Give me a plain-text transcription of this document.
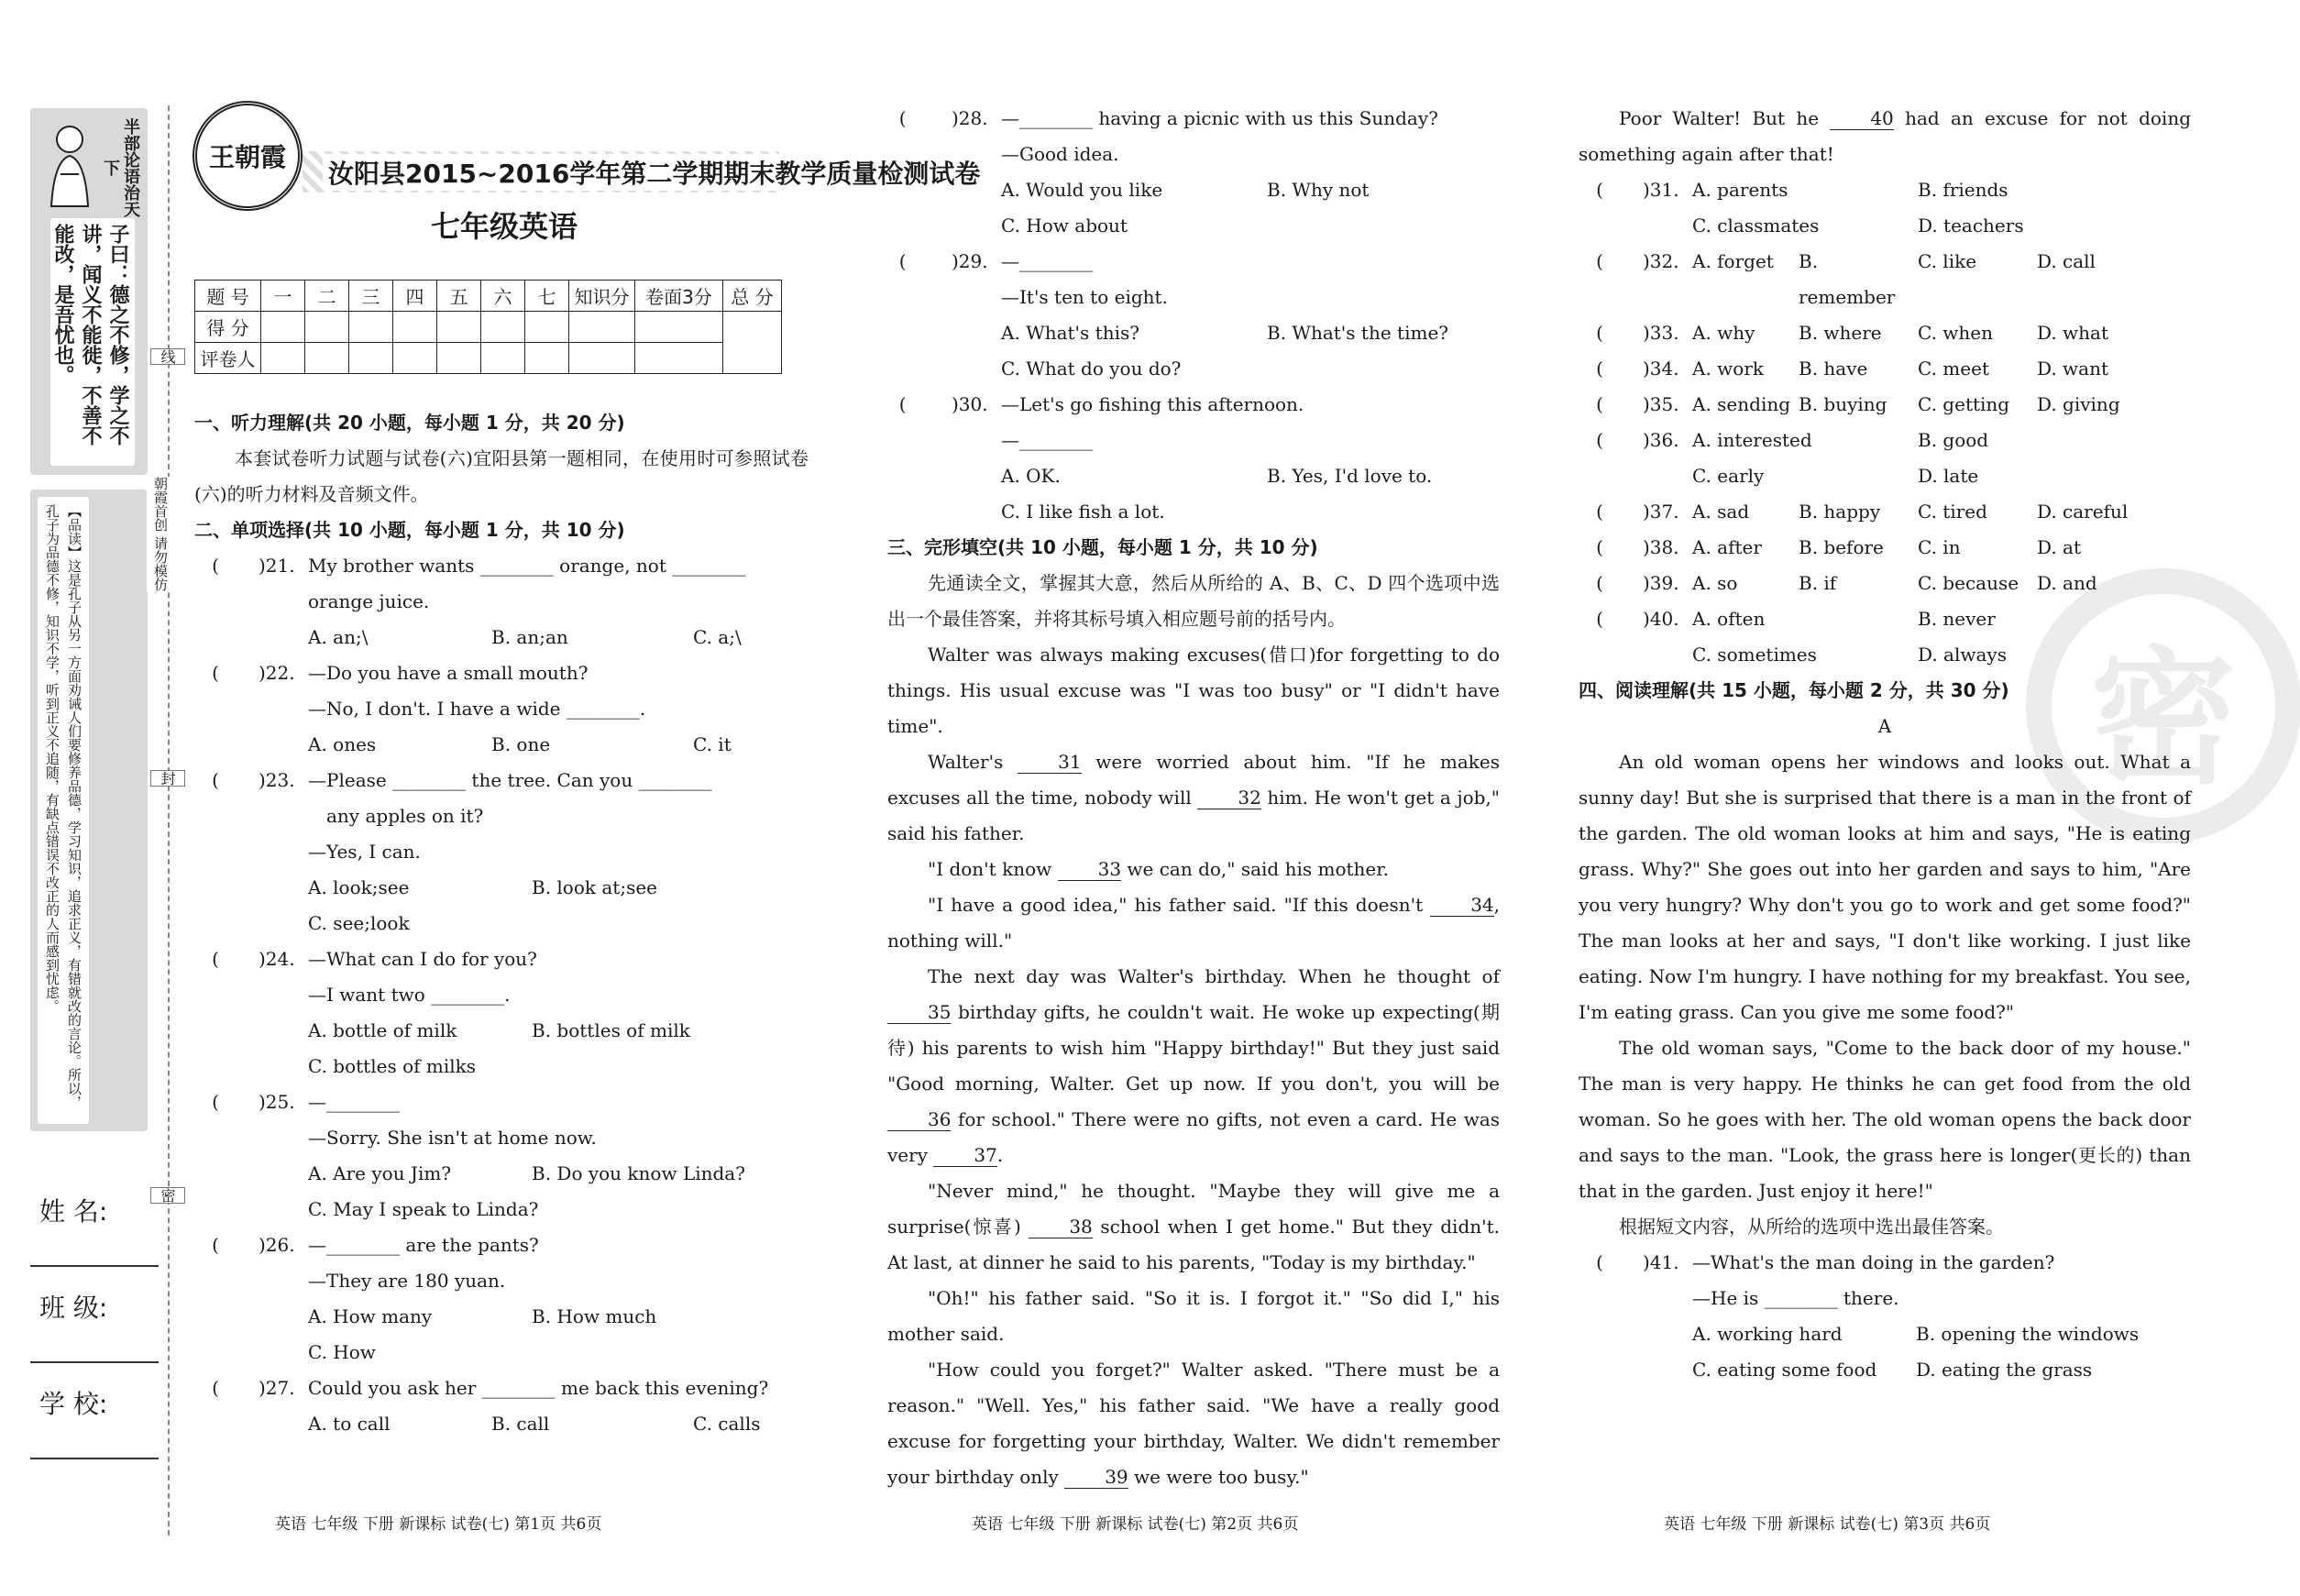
半部论语治天下
子曰：德之不修，学之不讲，闻义不能徙，不善不能改，是吾忧也。
【品读】这是孔子从另一方面劝诫人们要修养品德，学习知识，追求正义，有错就改的言论。所以，孔子为品德不修，知识不学，听到正义不追随，有缺点错误不改正的人而感到忧虑。
姓 名:
班 级:
学 校:
线
封
密
朝霞首创 请勿模仿
王朝霞
汝阳县2015~2016学年第二学期期末教学质量检测试卷
七年级英语
题 号	一	二	三	四	五	六	七	知识分	卷面3分	总 分
得 分										
评卷人										
一、听力理解(共 20 小题，每小题 1 分，共 20 分)
本套试卷听力试题与试卷(六)宜阳县第一题相同，在使用时可参照试卷(六)的听力材料及音频文件。
二、单项选择(共 10 小题，每小题 1 分，共 10 分)
(
)21. My brother wants ________ orange, not ________
orange juice.
A. an;\	B. an;an	C. a;\
(
)22. —Do you have a small mouth?
—No, I don't. I have a wide ________.
A. ones	B. one	C. it
(
)23. —Please ________ the tree. Can you ________
any apples on it?
—Yes, I can.
A. look;see	B. look at;see
C. see;look
(
)24. —What can I do for you?
—I want two ________.
A. bottle of milk	B. bottles of milk
C. bottles of milks
(
)25. —________
—Sorry. She isn't at home now.
A. Are you Jim?	B. Do you know Linda?
C. May I speak to Linda?
(
)26. —________ are the pants?
—They are 180 yuan.
A. How many	B. How much
C. How
(
)27. Could you ask her ________ me back this evening?
A. to call	B. call	C. calls
英语 七年级 下册 新课标 试卷(七) 第1页 共6页
(
)28. —________ having a picnic with us this Sunday?
—Good idea.
A. Would you like	B. Why not
C. How about
(
)29. —________
—It's ten to eight.
A. What's this?	B. What's the time?
C. What do you do?
(
)30. —Let's go fishing this afternoon.
—________
A. OK.	B. Yes, I'd love to.
C. I like fish a lot.
三、完形填空(共 10 小题，每小题 1 分，共 10 分)
先通读全文，掌握其大意，然后从所给的 A、B、C、D 四个选项中选出一个最佳答案，并将其标号填入相应题号前的括号内。
Walter was always making excuses(借口)for forgetting to do things. His usual excuse was "I was too busy" or "I didn't have time".
Walter's	31 were worried about him. "If he makes excuses all the time, nobody will	32 him. He won't get a job," said his father.
"I don't know	33 we can do," said his mother.
"I have a good idea," his father said. "If this doesn't	34, nothing will."
The next day was Walter's birthday. When he thought of 35 birthday gifts, he couldn't wait. He woke up expecting(期待) his parents to wish him "Happy birthday!" But they just said "Good morning, Walter. Get up now. If you don't, you will be 36 for school." There were no gifts, not even a card. He was very	37.
"Never mind," he thought. "Maybe they will give me a surprise(惊喜)	38 school when I get home." But they didn't. At last, at dinner he said to his parents, "Today is my birthday."
"Oh!" his father said. "So it is. I forgot it." "So did I," his mother said.
"How could you forget?" Walter asked. "There must be a reason." "Well. Yes," his father said. "We have a really good excuse for forgetting your birthday, Walter. We didn't remember your birthday only	39 we were too busy."
英语 七年级 下册 新课标 试卷(七) 第2页 共6页
密
Poor Walter! But he	40 had an excuse for not doing something again after that!
(
)31. A. parents	B. friends
C. classmates	D. teachers
(
)32. A. forget	B. remember
C. like	D. call
(
)33. A. why	B. where	C. when	D. what
(
)34. A. work	B. have	C. meet	D. want
(
)35. A. sending B. buying	C. getting	D. giving
(
)36. A. interested	B. good
C. early	D. late
(
)37. A. sad	B. happy	C. tired	D. careful
(
)38. A. after	B. before	C. in	D. at
(
)39. A. so	B. if	C. because D. and
(
)40. A. often	B. never
C. sometimes	D. always
四、阅读理解(共 15 小题，每小题 2 分，共 30 分)
A
An old woman opens her windows and looks out. What a sunny day! But she is surprised that there is a man in the front of the garden. The old woman looks at him and says, "He is eating grass. Why?" She goes out into her garden and says to him, "Are you very hungry? Why don't you go to work and get some food?" The man looks at her and says, "I don't like working. I just like eating. Now I'm hungry. I have nothing for my breakfast. You see, I'm eating grass. Can you give me some food?"
The old woman says, "Come to the back door of my house." The man is very happy. He thinks he can get food from the old woman. So he goes with her. The old woman opens the back door and says to the man. "Look, the grass here is longer(更长的) than that in the garden. Just enjoy it here!"
根据短文内容，从所给的选项中选出最佳答案。
(
)41. —What's the man doing in the garden?
—He is ________ there.
A. working hard	B. opening the windows
C. eating some food	D. eating the grass
英语 七年级 下册 新课标 试卷(七) 第3页 共6页
